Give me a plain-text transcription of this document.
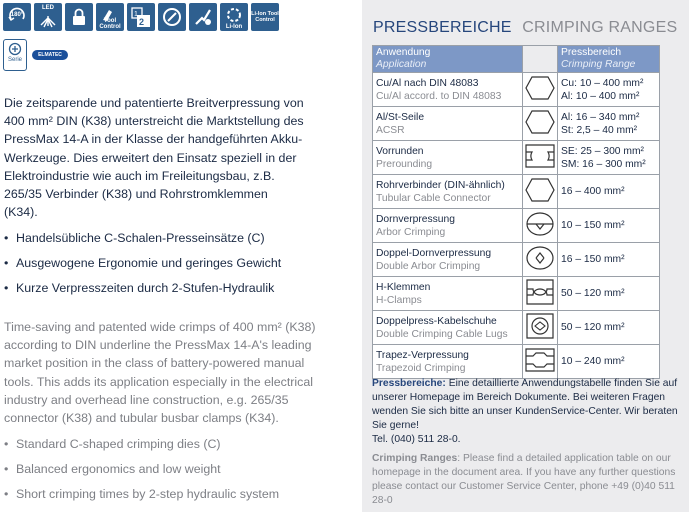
180°
LED
Tool Control	2
1
Li-Ion
Li-Ion Tool Control
Serie
ELMATEC

Die zeitsparende und patentierte Breitverpressung von 400 mm² DIN (K38) unterstreicht die Marktstellung des PressMax 14-A in der Klasse der handgeführten Akku-Werkzeuge. Dies erweitert den Einsatz speziell in der Elektroindustrie wie auch im Freileitungsbau, z.B. 265/35 Verbinder (K38) und Rohrstromklemmen (K34).

• Handelsübliche C-Schalen-Presseinsätze (C)
• Ausgewogene Ergonomie und geringes Gewicht
• Kurze Verpresszeiten durch 2-Stufen-Hydraulik

Time-saving and patented wide crimps of 400 mm² (K38) according to DIN underline the PressMax 14-A's leading market position in the class of battery-powered manual tools. This adds its application especially in the electrical industry and overhead line construction, e.g. 265/35 connector (K38) and tubular busbar clamps (K34).

• Standard C-shaped crimping dies (C)
• Balanced ergonomics and low weight
• Short crimping times by 2-step hydraulic system
PRESSBEREICHE CRIMPING RANGES
Anwendung
Application		Pressbereich
Crimping Range

Cu/Al nach DIN 48083
Cu/Al accord. to DIN 48083		Cu: 10 – 400 mm²
Al: 10 – 400 mm²

Al/St-Seile
ACSR		Al: 16 – 340 mm²
St: 2,5 – 40 mm²

Vorrunden
Prerounding		SE: 25 – 300 mm²
SM: 16 – 300 mm²

Rohrverbinder (DIN-ähnlich)
Tubular Cable Connector		16 – 400 mm²

Dornverpressung
Arbor Crimping		10 – 150 mm²

Doppel-Dornverpressung
Double Arbor Crimping		16 – 150 mm²

H-Klemmen
H-Clamps		50 – 120 mm²

Doppelpress-Kabelschuhe
Double Crimping Cable Lugs		50 – 120 mm²

Trapez-Verpressung
Trapezoid Crimping		10 – 240 mm²
Pressbereiche: Eine detaillierte Anwendungstabelle finden Sie auf unserer Homepage im Bereich Dokumente. Bei weiteren Fragen wenden Sie sich bitte an unser KundenService-Center. Wir beraten Sie gerne!
Tel. (040) 511 28-0.
Crimping Ranges: Please find a detailed application table on our homepage in the document area. If you have any further questions please contact our Customer Service Center, phone +49 (0)40 511 28-0
